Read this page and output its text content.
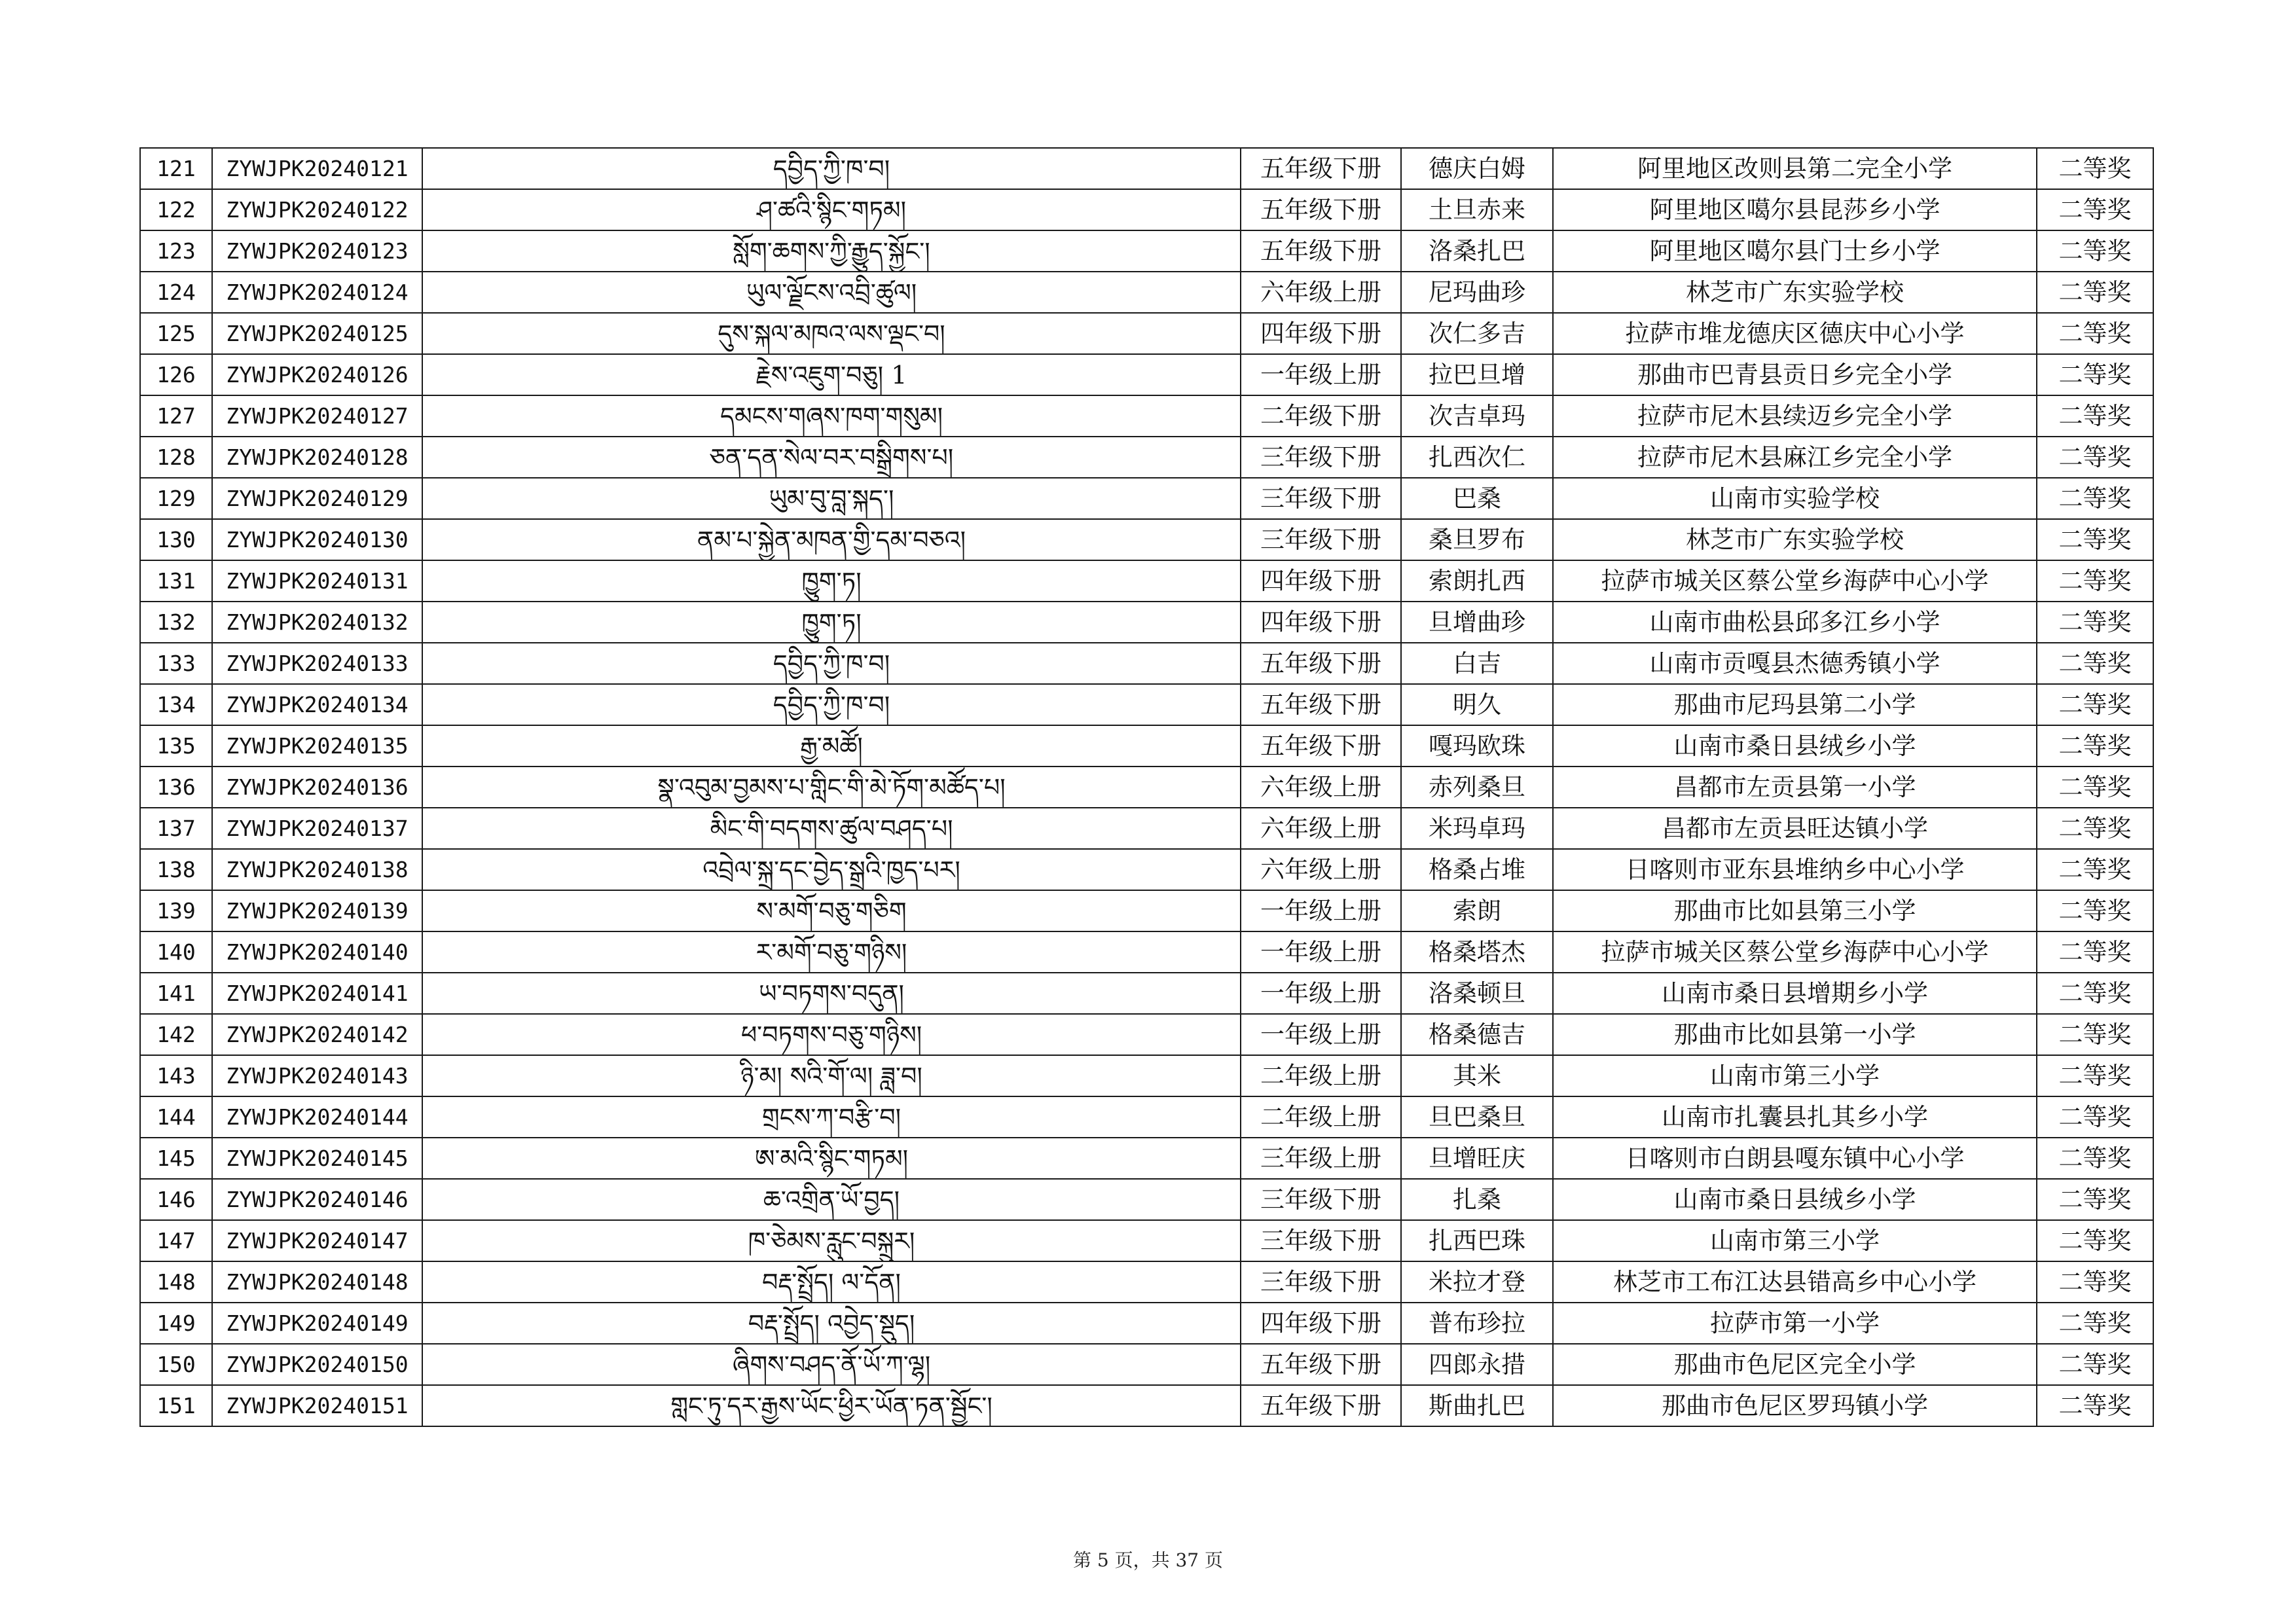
121	ZYWJPK20240121	དབྱིད་ཀྱི་ཁ་བ།	五年级下册	德庆白姆	阿里地区改则县第二完全小学	二等奖
122	ZYWJPK20240122	ཤ་ཚའི་སྙིང་གཏམ།	五年级下册	土旦赤来	阿里地区噶尔县昆莎乡小学	二等奖
123	ZYWJPK20240123	སློག་ཆགས་ཀྱི་རྒྱུད་སྐྱོང་།	五年级下册	洛桑扎巴	阿里地区噶尔县门士乡小学	二等奖
124	ZYWJPK20240124	ཡུལ་ལྗོངས་འབྲི་ཚུལ།	六年级上册	尼玛曲珍	林芝市广东实验学校	二等奖
125	ZYWJPK20240125	དུས་སྐལ་མཁའ་ལས་ལྡང་བ།	四年级下册	次仁多吉	拉萨市堆龙德庆区德庆中心小学	二等奖
126	ZYWJPK20240126	རྗེས་འཇུག་བཅུ། 1	一年级上册	拉巴旦增	那曲市巴青县贡日乡完全小学	二等奖
127	ZYWJPK20240127	དམངས་གཞས་ཁག་གསུམ།	二年级下册	次吉卓玛	拉萨市尼木县续迈乡完全小学	二等奖
128	ZYWJPK20240128	ཅན་དན་སེལ་བར་བསྒྲིགས་པ།	三年级下册	扎西次仁	拉萨市尼木县麻江乡完全小学	二等奖
129	ZYWJPK20240129	ཡུམ་བུ་བླ་སྐད་།	三年级下册	巴桑	山南市实验学校	二等奖
130	ZYWJPK20240130	ནམ་པ་སྐྱེན་མཁན་གྱི་དམ་བཅའ།	三年级下册	桑旦罗布	林芝市广东实验学校	二等奖
131	ZYWJPK20240131	ཁྱུག་ཏ།	四年级下册	索朗扎西	拉萨市城关区蔡公堂乡海萨中心小学	二等奖
132	ZYWJPK20240132	ཁྱུག་ཏ།	四年级下册	旦增曲珍	山南市曲松县邱多江乡小学	二等奖
133	ZYWJPK20240133	དབྱིད་ཀྱི་ཁ་བ།	五年级下册	白吉	山南市贡嘎县杰德秀镇小学	二等奖
134	ZYWJPK20240134	དབྱིད་ཀྱི་ཁ་བ།	五年级下册	明久	那曲市尼玛县第二小学	二等奖
135	ZYWJPK20240135	རྒྱ་མཚོ།	五年级下册	嘎玛欧珠	山南市桑日县绒乡小学	二等奖
136	ZYWJPK20240136	སྣ་འབུམ་བྱམས་པ་གླིང་གི་མེ་ཏོག་མཚོད་པ།	六年级上册	赤列桑旦	昌都市左贡县第一小学	二等奖
137	ZYWJPK20240137	མིང་གི་བདགས་ཚུལ་བཤད་པ།	六年级上册	米玛卓玛	昌都市左贡县旺达镇小学	二等奖
138	ZYWJPK20240138	འབྲེལ་སྐྲ་དང་བྱེད་སྒྲའི་ཁྱད་པར།	六年级上册	格桑占堆	日喀则市亚东县堆纳乡中心小学	二等奖
139	ZYWJPK20240139	ས་མགོ་བཅུ་གཅིག	一年级上册	索朗	那曲市比如县第三小学	二等奖
140	ZYWJPK20240140	ར་མགོ་བཅུ་གཉིས།	一年级上册	格桑塔杰	拉萨市城关区蔡公堂乡海萨中心小学	二等奖
141	ZYWJPK20240141	ཡ་བཏགས་བདུན།	一年级上册	洛桑顿旦	山南市桑日县增期乡小学	二等奖
142	ZYWJPK20240142	ཕ་བཏགས་བཅུ་གཉིས།	一年级上册	格桑德吉	那曲市比如县第一小学	二等奖
143	ZYWJPK20240143	ཉི་མ། སའི་གོ་ལ། ཟླ་བ།	二年级上册	其米	山南市第三小学	二等奖
144	ZYWJPK20240144	གྲངས་ཀ་བརྩི་བ།	二年级上册	旦巴桑旦	山南市扎囊县扎其乡小学	二等奖
145	ZYWJPK20240145	ཨ་མའི་སྙིང་གཏམ།	三年级上册	旦增旺庆	日喀则市白朗县嘎东镇中心小学	二等奖
146	ZYWJPK20240146	ཆ་འགྲིན་ཡོ་བྱད།	三年级下册	扎桑	山南市桑日县绒乡小学	二等奖
147	ZYWJPK20240147	ཁ་ཅེམས་རླུང་བསྐྲུར།	三年级下册	扎西巴珠	山南市第三小学	二等奖
148	ZYWJPK20240148	བརྡ་སྤྲོད། ལ་དོན།	三年级下册	米拉才登	林芝市工布江达县错高乡中心小学	二等奖
149	ZYWJPK20240149	བརྡ་སྤྲོད། འབྱེད་སྡུད།	四年级下册	普布珍拉	拉萨市第一小学	二等奖
150	ZYWJPK20240150	ཞིགས་བཤད་ནོ་ཡོ་ཀ་ལྷ།	五年级下册	四郎永措	那曲市色尼区完全小学	二等奖
151	ZYWJPK20240151	གླང་ཏུ་དར་རྒྱས་ཡོང་ཕྱིར་ཡོན་ཏན་སྦྱོང་།	五年级下册	斯曲扎巴	那曲市色尼区罗玛镇小学	二等奖
第 5 页，共 37 页
